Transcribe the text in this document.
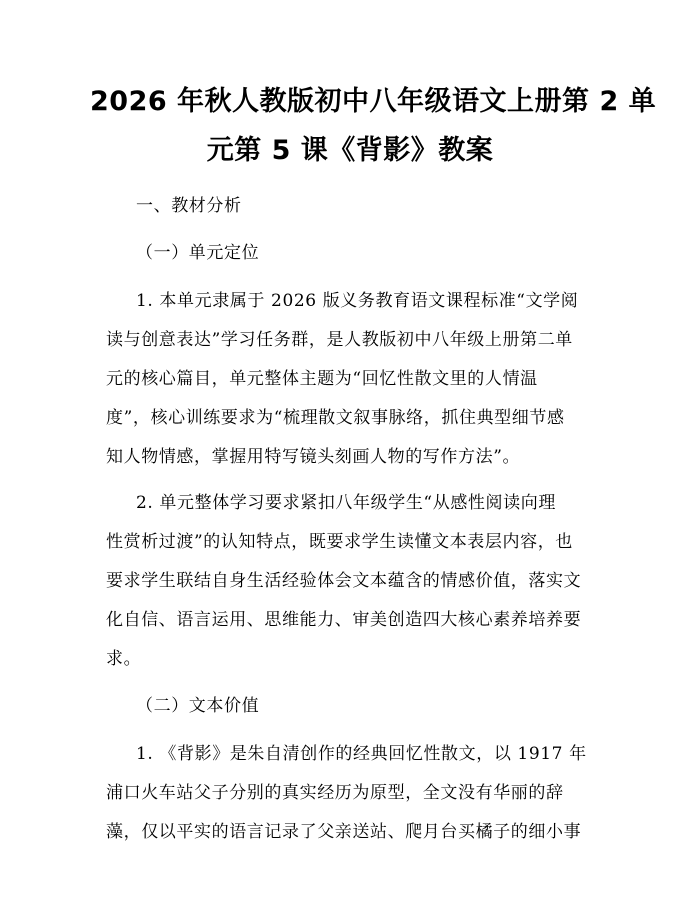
2026 年秋人教版初中八年级语文上册第 2 单
元第 5 课《背影》教案
一、教材分析
（一）单元定位
1. 本单元隶属于 2026 版义务教育语文课程标准“文学阅
读与创意表达”学习任务群，是人教版初中八年级上册第二单
元的核心篇目，单元整体主题为“回忆性散文里的人情温
度”，核心训练要求为“梳理散文叙事脉络，抓住典型细节感
知人物情感，掌握用特写镜头刻画人物的写作方法”。
2. 单元整体学习要求紧扣八年级学生“从感性阅读向理
性赏析过渡”的认知特点，既要求学生读懂文本表层内容，也
要求学生联结自身生活经验体会文本蕴含的情感价值，落实文
化自信、语言运用、思维能力、审美创造四大核心素养培养要
求。
（二）文本价值
1. 《背影》是朱自清创作的经典回忆性散文，以 1917 年
浦口火车站父子分别的真实经历为原型，全文没有华丽的辞
藻，仅以平实的语言记录了父亲送站、爬月台买橘子的细小事
